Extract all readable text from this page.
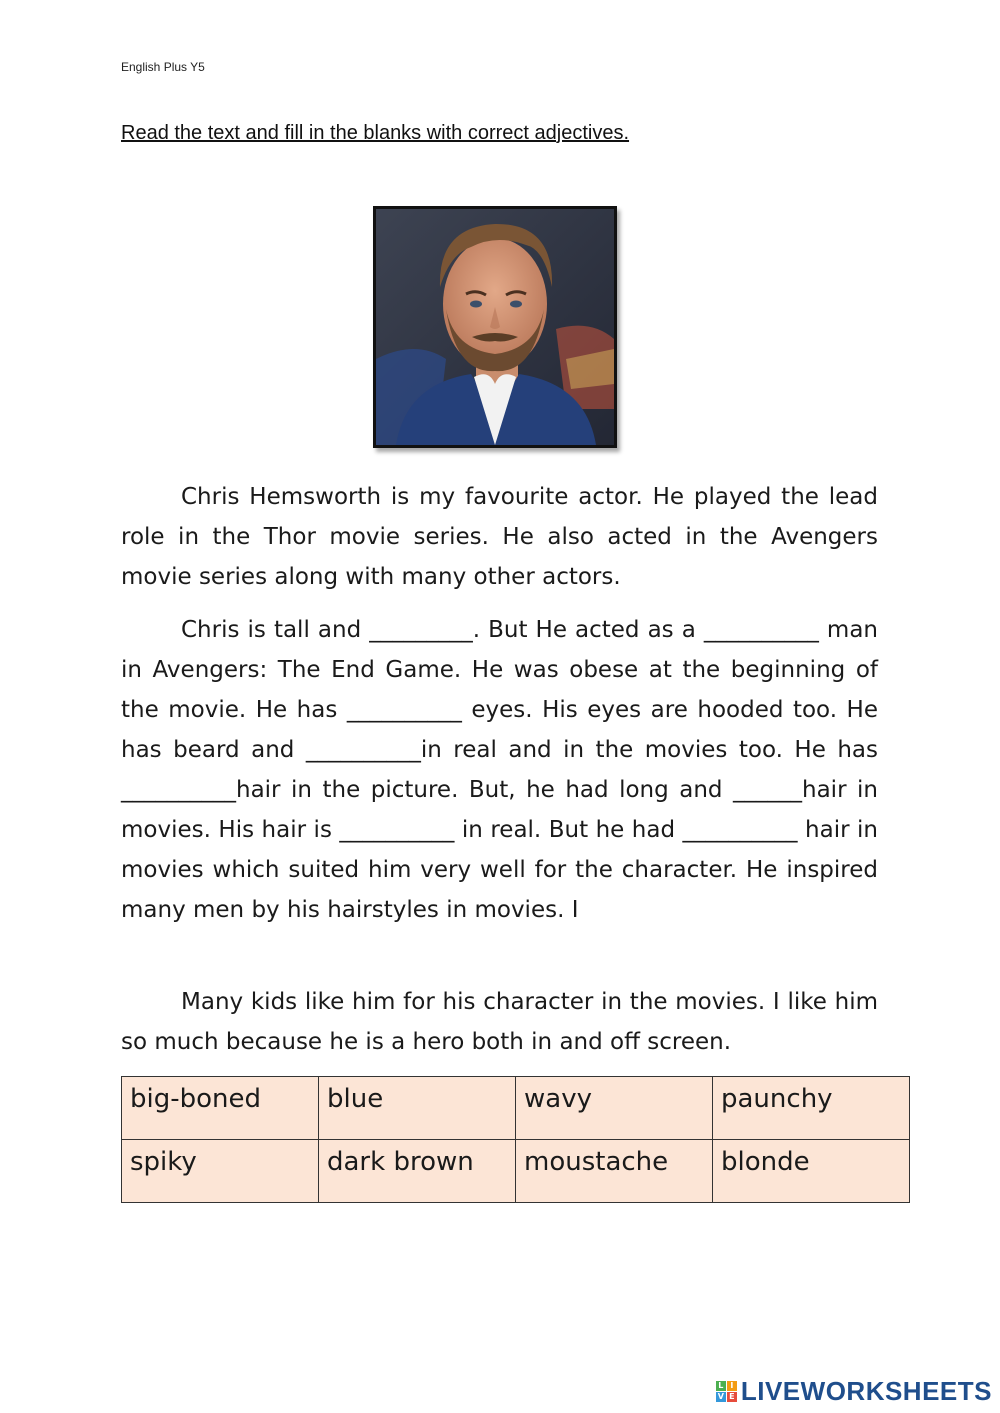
English Plus Y5
Read the text and fill in the blanks with correct adjectives.

Chris Hemsworth is my favourite actor. He played the lead role in the Thor movie series. He also acted in the Avengers movie series along with many other actors.

Chris is tall and _________. But He acted as a __________ man in Avengers: The End Game. He was obese at the beginning of the movie. He has __________ eyes. His eyes are hooded too. He has beard and __________in real and in the movies too. He has __________hair in the picture. But, he had long and ______hair in movies. His hair is __________ in real. But he had __________ hair in movies which suited him very well for the character. He inspired many men by his hairstyles in movies. I

Many kids like him for his character in the movies. I like him so much because he is a hero both in and off screen.

big-boned	blue	wavy	paunchy
spiky	dark brown	moustache	blonde
L I
V E LIVEWORKSHEETS
